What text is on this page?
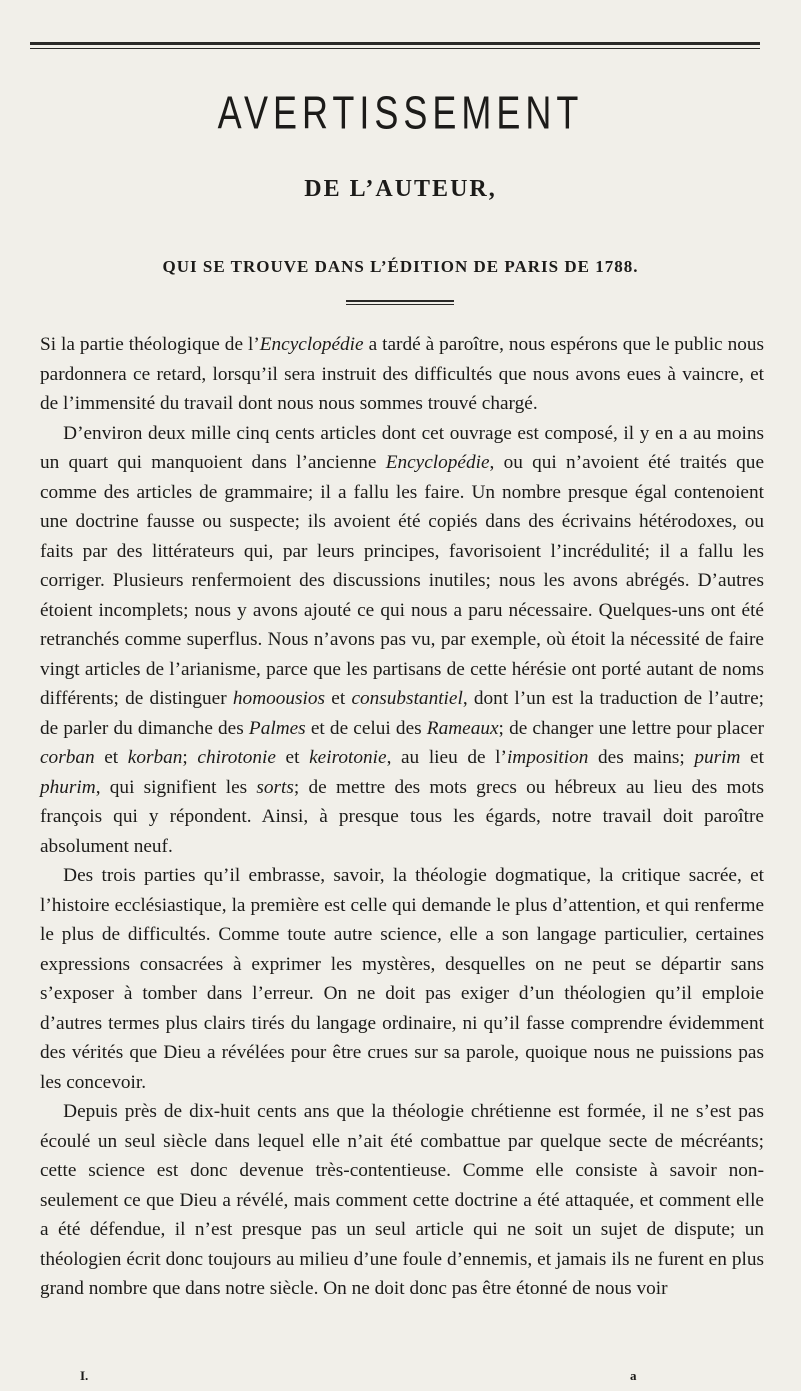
AVERTISSEMENT
DE L’AUTEUR,
QUI SE TROUVE DANS L’ÉDITION DE PARIS DE 1788.

Si la partie théologique de l’Encyclopédie a tardé à paroître, nous espérons que le public nous pardonnera ce retard, lorsqu’il sera instruit des difficultés que nous avons eues à vaincre, et de l’immensité du travail dont nous nous sommes trouvé chargé.

D’environ deux mille cinq cents articles dont cet ouvrage est composé, il y en a au moins un quart qui manquoient dans l’ancienne Encyclopédie, ou qui n’avoient été traités que comme des articles de grammaire; il a fallu les faire. Un nombre presque égal contenoient une doctrine fausse ou suspecte; ils avoient été copiés dans des écrivains hétérodoxes, ou faits par des littérateurs qui, par leurs principes, favorisoient l’incrédulité; il a fallu les corriger. Plusieurs renfermoient des discussions inutiles; nous les avons abrégés. D’autres étoient incomplets; nous y avons ajouté ce qui nous a paru nécessaire. Quelques-uns ont été retranchés comme superflus. Nous n’avons pas vu, par exemple, où étoit la nécessité de faire vingt articles de l’arianisme, parce que les partisans de cette hérésie ont porté autant de noms différents; de distinguer homoousios et consubstantiel, dont l’un est la traduction de l’autre; de parler du dimanche des Palmes et de celui des Rameaux; de changer une lettre pour placer corban et korban; chirotonie et keirotonie, au lieu de l’imposition des mains; purim et phurim, qui signifient les sorts; de mettre des mots grecs ou hébreux au lieu des mots françois qui y répondent. Ainsi, à presque tous les égards, notre travail doit paroître absolument neuf.

Des trois parties qu’il embrasse, savoir, la théologie dogmatique, la critique sacrée, et l’histoire ecclésiastique, la première est celle qui demande le plus d’attention, et qui renferme le plus de difficultés. Comme toute autre science, elle a son langage particulier, certaines expressions consacrées à exprimer les mystères, desquelles on ne peut se départir sans s’exposer à tomber dans l’erreur. On ne doit pas exiger d’un théologien qu’il emploie d’autres termes plus clairs tirés du langage ordinaire, ni qu’il fasse comprendre évidemment des vérités que Dieu a révélées pour être crues sur sa parole, quoique nous ne puissions pas les concevoir.

Depuis près de dix-huit cents ans que la théologie chrétienne est formée, il ne s’est pas écoulé un seul siècle dans lequel elle n’ait été combattue par quelque secte de mécréants; cette science est donc devenue très-contentieuse. Comme elle consiste à savoir non-seulement ce que Dieu a révélé, mais comment cette doctrine a été attaquée, et comment elle a été défendue, il n’est presque pas un seul article qui ne soit un sujet de dispute; un théologien écrit donc toujours au milieu d’une foule d’ennemis, et jamais ils ne furent en plus grand nombre que dans notre siècle. On ne doit donc pas être étonné de nous voir

I.	a
